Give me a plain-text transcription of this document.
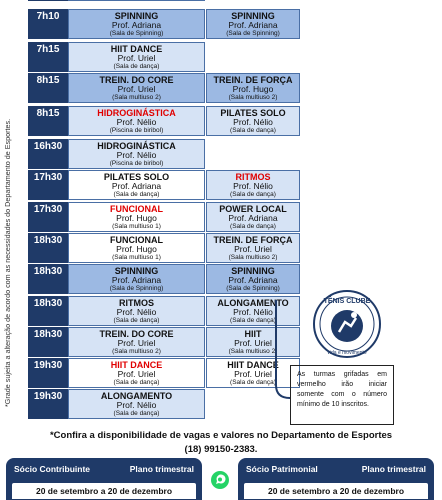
*Grade sujeita a alteração de acordo com as necessidades do Departamento de Esportes.
7h10	SPINNING
Prof. Adriana
(Sala de Spinning)
SPINNING
Prof. Adriana
(Sala de Spinning)
7h15	HIIT DANCE
Prof. Uriel
(Sala de dança)
8h15	TREIN. DO CORE
Prof. Uriel
(Sala multiuso 2)
TREIN. DE FORÇA
Prof. Hugo
(Sala multiuso 2)
8h15	HIDROGINÁSTICA
Prof. Nélio
(Piscina de biribol)
PILATES SOLO
Prof. Nélio
(Sala de dança)
16h30	HIDROGINÁSTICA
Prof. Nélio
(Piscina de biribol)
17h30	PILATES SOLO
Prof. Adriana
(Sala de dança)
RITMOS
Prof. Nélio
(Sala de dança)
17h30	FUNCIONAL
Prof. Hugo
(Sala multiuso 1)
POWER LOCAL
Prof. Adriana
(Sala de dança)
18h30	FUNCIONAL
Prof. Hugo
(Sala multiuso 1)
TREIN. DE FORÇA
Prof. Uriel
(Sala multiuso 2)
18h30	SPINNING
Prof. Adriana
(Sala de Spinning)
SPINNING
Prof. Adriana
(Sala de Spinning)
18h30	RITMOS
Prof. Nélio
(Sala de dança)
ALONGAMENTO
Prof. Nélio
(Sala de dança)
18h30	TREIN. DO CORE
Prof. Uriel
(Sala multiuso 2)
HIIT
Prof. Uriel
(Sala multiuso 2)
19h30	HIIT DANCE
Prof. Uriel
(Sala de dança)
HIIT DANCE
Prof. Uriel
(Sala de dança)
19h30	ALONGAMENTO
Prof. Nélio
(Sala de dança)
TÊNIS CLUBE
vida e movimento
As turmas grifadas em vermelho irão iniciar somente com o número mínimo de 10 inscritos.
*Confira a disponibilidade de vagas e valores no Departamento de Esportes
(18) 99150-2383.
Sócio Contribuinte	Plano trimestral
20 de setembro a 20 de dezembro
Sócio Patrimonial	Plano trimestral
20 de setembro a 20 de dezembro
